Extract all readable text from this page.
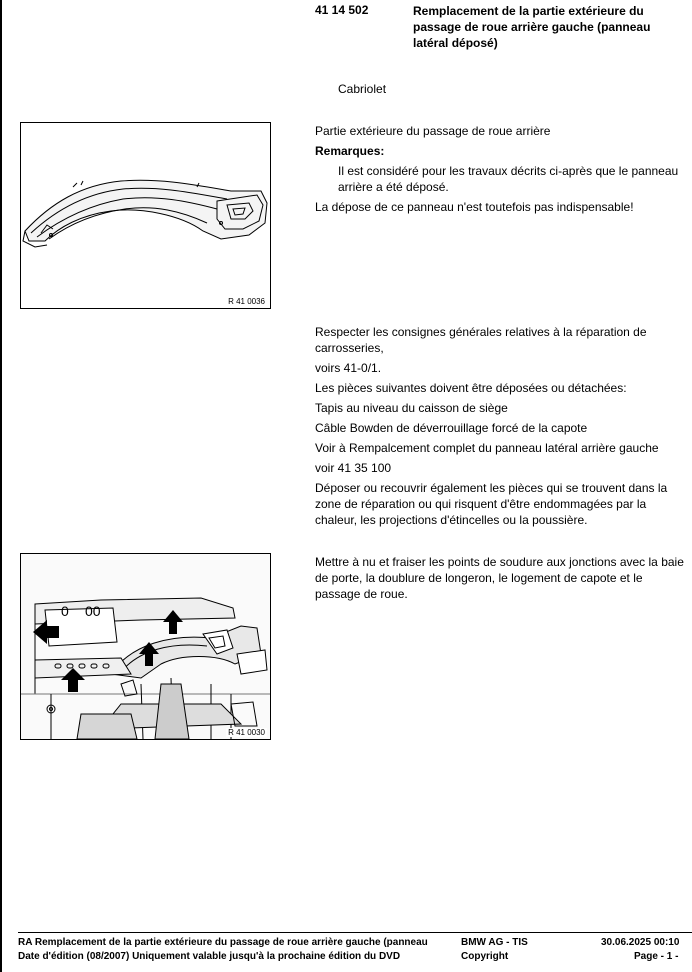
41 14 502	Remplacement de la partie extérieure du passage de roue arrière gauche (panneau latéral déposé)
Cabriolet
R 41 0036

Partie extérieure du passage de roue arrière

Remarques:

Il est considéré pour les travaux décrits ci-après que le panneau arrière a été déposé.

La dépose de ce panneau n'est toutefois pas indispensable!

Respecter les consignes générales relatives à la réparation de carrosseries,

voirs 41-0/1.

Les pièces suivantes doivent être déposées ou détachées:

Tapis au niveau du caisson de siège

Câble Bowden de déverrouillage forcé de la capote

Voir à Rempalcement complet du panneau latéral arrière gauche

voir 41 35 100

Déposer ou recouvrir également les pièces qui se trouvent dans la zone de réparation ou qui risquent d'être endommagées par la chaleur, les projections d'étincelles ou la poussière.

0 00
R 41 0030

Mettre à nu et fraiser les points de soudure aux jonctions avec la baie de porte, la doublure de longeron, le logement de capote et le passage de roue.

RA Remplacement de la partie extérieure du passage de roue arrière gauche (panneau
Date d'édition (08/2007) Uniquement valable jusqu'à la prochaine édition du DVD
BMW AG - TIS
Copyright
30.06.2025 00:10
Page - 1 -
